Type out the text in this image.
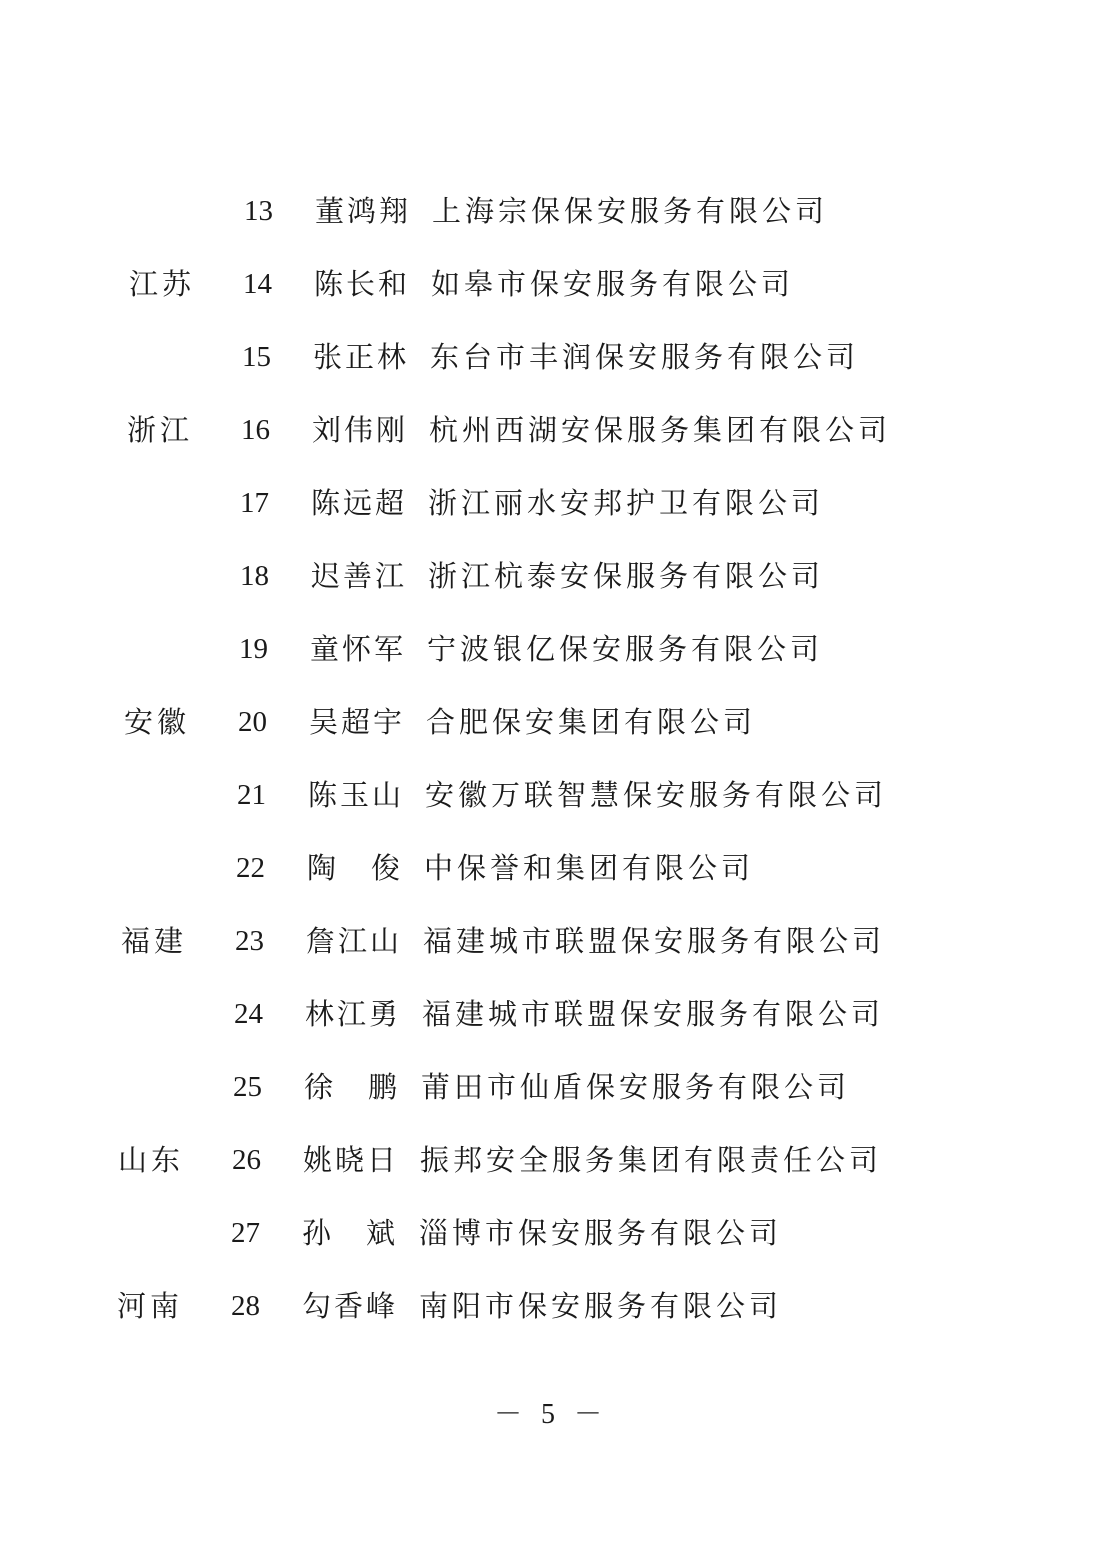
13 董鸿翔 上海宗保保安服务有限公司
江苏 14 陈长和 如皋市保安服务有限公司
15 张正林 东台市丰润保安服务有限公司
浙江 16 刘伟刚 杭州西湖安保服务集团有限公司
17 陈远超 浙江丽水安邦护卫有限公司
18 迟善江 浙江杭泰安保服务有限公司
19 童怀军 宁波银亿保安服务有限公司
安徽 20 吴超宇 合肥保安集团有限公司
21 陈玉山 安徽万联智慧保安服务有限公司
22 陶　俊 中保誉和集团有限公司
福建 23 詹江山 福建城市联盟保安服务有限公司
24 林江勇 福建城市联盟保安服务有限公司
25 徐　鹏 莆田市仙盾保安服务有限公司
山东 26 姚晓日 振邦安全服务集团有限责任公司
27 孙　斌 淄博市保安服务有限公司
河南 28 勾香峰 南阳市保安服务有限公司
－ 5 －
